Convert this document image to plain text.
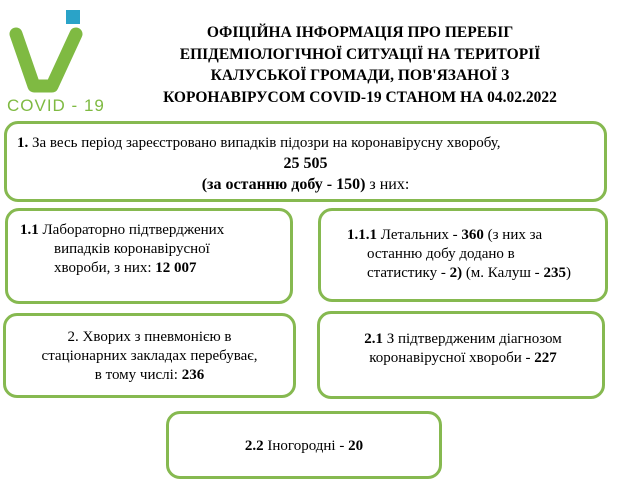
COVID - 19
ОФІЦІЙНА ІНФОРМАЦІЯ ПРО ПЕРЕБІГ
ЕПІДЕМІОЛОГІЧНОЇ СИТУАЦІЇ НА ТЕРИТОРІЇ
КАЛУСЬКОЇ ГРОМАДИ, ПОВ'ЯЗАНОЇ З
КОРОНАВІРУСОМ COVID-19 СТАНОМ НА 04.02.2022
1. За весь період зареєстровано випадків підозри на коронавірусну хворобу,
25 505
(за останню добу - 150) з них:
1.1 Лабораторно підтверджених
випадків коронавірусної
хвороби, з них: 12 007
1.1.1 Летальних - 360 (з них за
останню добу додано в
статистику - 2) (м. Калуш - 235)
2. Хворих з пневмонією в
стаціонарних закладах перебуває,
в тому числі: 236
2.1 З підтвердженим діагнозом
коронавірусної хвороби - 227
2.2 Іногородні - 20
